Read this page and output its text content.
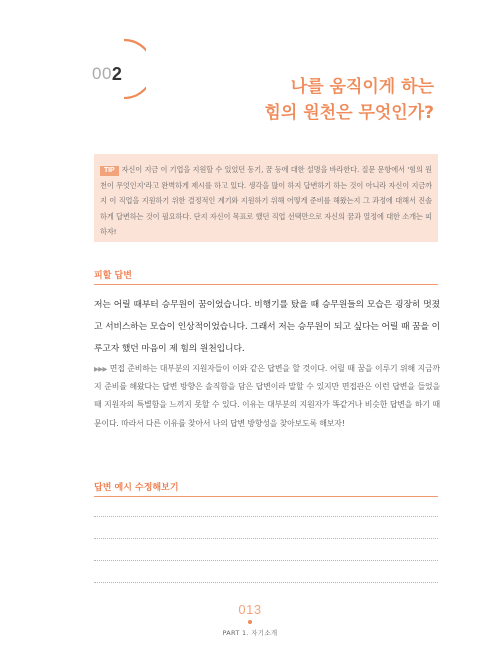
00 2
나를 움직이게 하는
힘의 원천은 무엇인가?

TIP 자신이 지금 이 기업을 지원할 수 있었던 동기, 꿈 등에 대한 설명을 바라한다. 질문 문항에서 '힘의 원천이 무엇인지'라고 완벽하게 제시를 하고 있다. 생각을 많이 하지 답변하기 하는 것이 아니라 자신이 지금까지 이 직업을 지원하기 위한 결정적인 계기와 지원하기 위해 어떻게 준비를 해왔는지 그 과정에 대해서 진솔하게 답변하는 것이 필요하다. 단지 자신이 목표로 했던 직업 선택만으로 자신의 꿈과 열정에 대한 소개는 피하자!

피할 답변

저는 어릴 때부터 승무원이 꿈이었습니다. 비행기를 탔을 때 승무원들의 모습은 굉장히 멋졌고 서비스하는 모습이 인상적이었습니다. 그래서 저는 승무원이 되고 싶다는 어릴 때 꿈을 이루고자 했던 마음이 제 힘의 원천입니다.

▶▶▶ 면접 준비하는 대부분의 지원자들이 이와 같은 답변을 할 것이다. 어릴 때 꿈을 이루기 위해 지금까지 준비를 해왔다는 답변 방향은 솔직함을 담은 답변이라 말할 수 있지만 면접관은 이런 답변을 들었을 때 지원자의 특별함을 느끼지 못할 수 있다. 이유는 대부분의 지원자가 똑같거나 비슷한 답변을 하기 때문이다. 따라서 다른 이유를 찾아서 나의 답변 방향성을 찾아보도록 해보자!

답변 예시 수정해보기
013
PART 1. 자기소개
